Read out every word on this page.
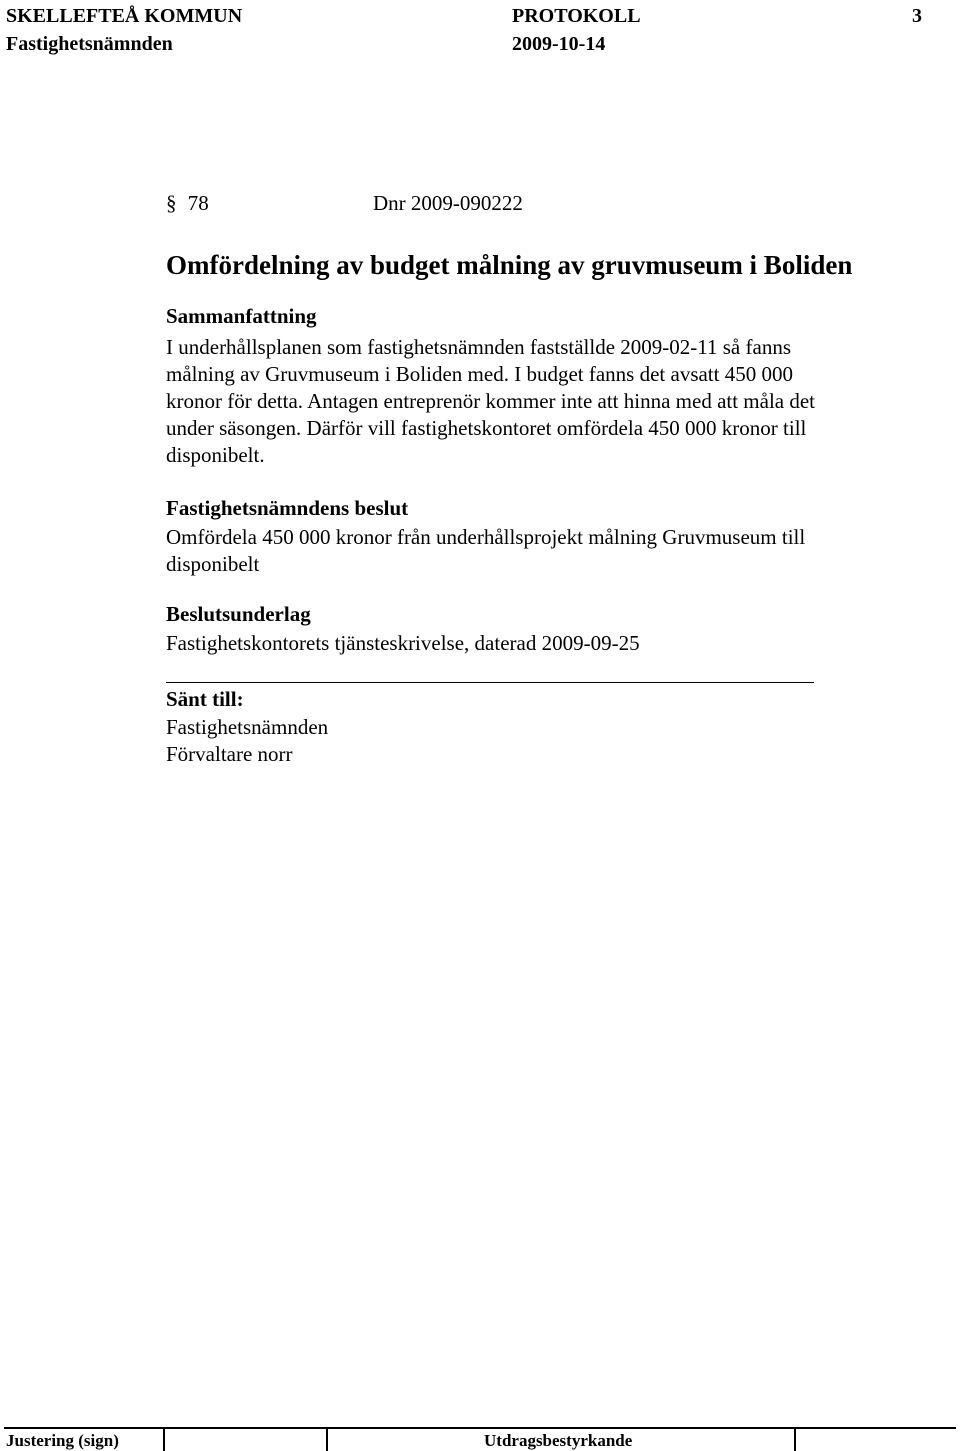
SKELLEFTEÅ KOMMUN	PROTOKOLL	3
Fastighetsnämnden	2009-10-14
§ 78	Dnr 2009-090222
Omfördelning av budget målning av gruvmuseum i Boliden
Sammanfattning
I underhållsplanen som fastighetsnämnden fastställde 2009-02-11 så fanns
målning av Gruvmuseum i Boliden med. I budget fanns det avsatt 450 000
kronor för detta. Antagen entreprenör kommer inte att hinna med att måla det
under säsongen. Därför vill fastighetskontoret omfördela 450 000 kronor till
disponibelt.
Fastighetsnämndens beslut
Omfördela 450 000 kronor från underhållsprojekt målning Gruvmuseum till
disponibelt
Beslutsunderlag
Fastighetskontorets tjänsteskrivelse, daterad 2009-09-25
Sänt till:
Fastighetsnämnden
Förvaltare norr
Justering (sign)	Utdragsbestyrkande
